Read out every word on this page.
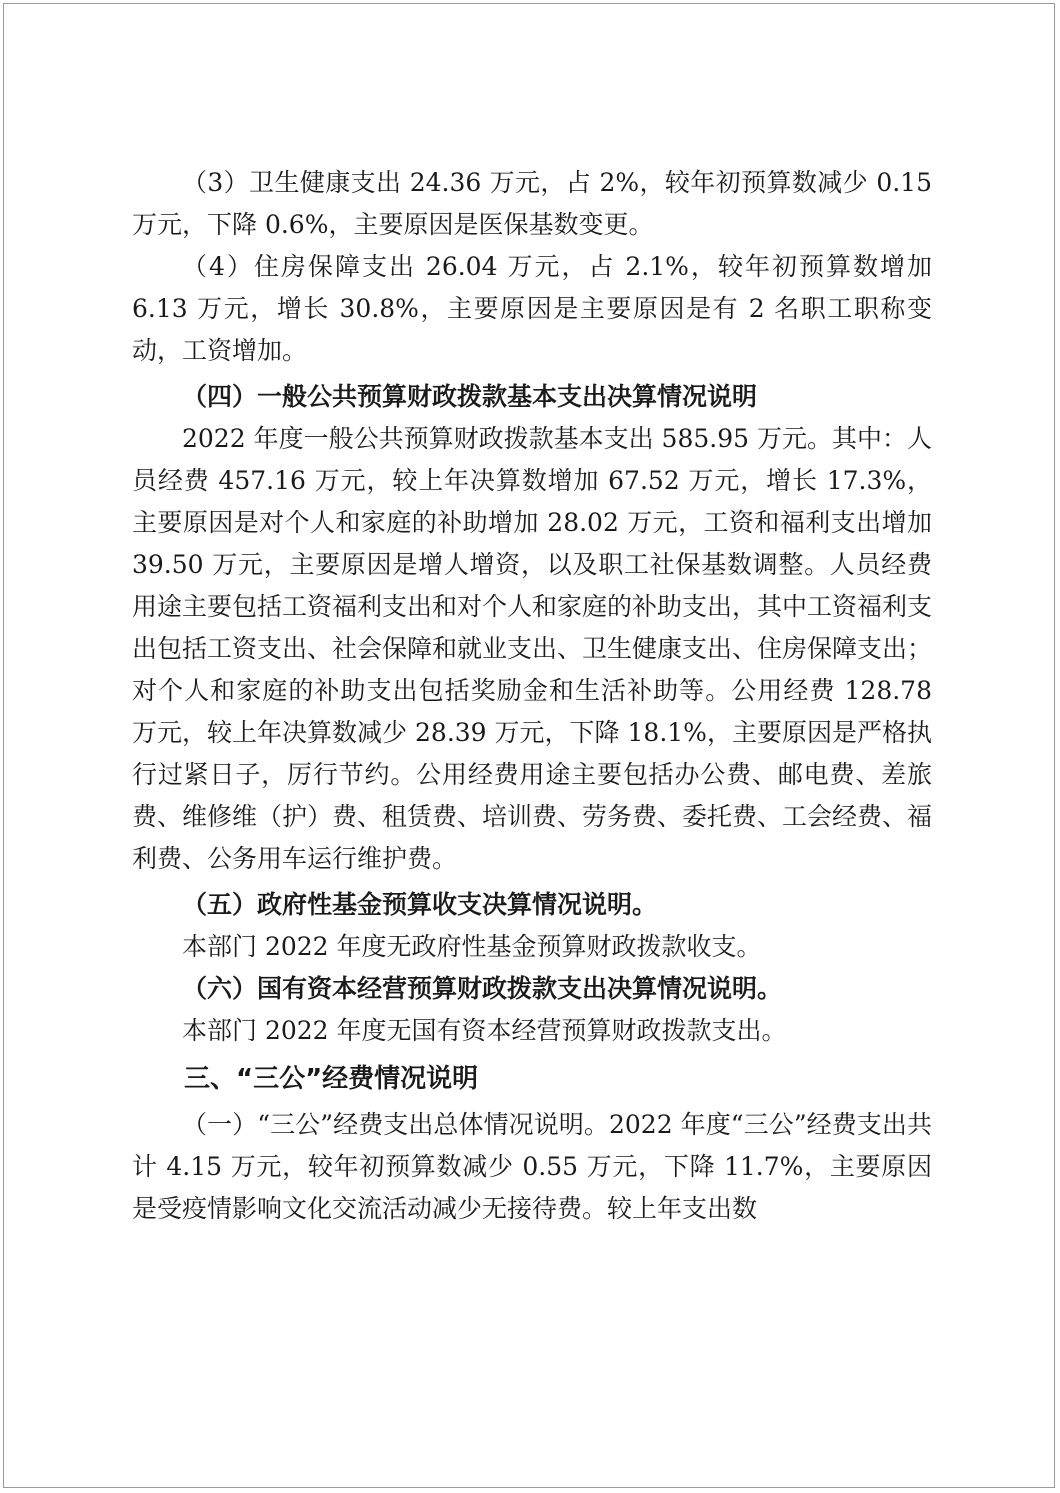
（3）卫生健康支出 24.36 万元，占 2%，较年初预算数减少 0.15 万元，下降 0.6%，主要原因是医保基数变更。

（4）住房保障支出 26.04 万元，占 2.1%，较年初预算数增加 6.13 万元，增长 30.8%，主要原因是主要原因是有 2 名职工职称变动，工资增加。

（四）一般公共预算财政拨款基本支出决算情况说明

2022 年度一般公共预算财政拨款基本支出 585.95 万元。其中：人员经费 457.16 万元，较上年决算数增加 67.52 万元，增长 17.3%，主要原因是对个人和家庭的补助增加 28.02 万元，工资和福利支出增加 39.50 万元，主要原因是增人增资，以及职工社保基数调整。人员经费用途主要包括工资福利支出和对个人和家庭的补助支出，其中工资福利支出包括工资支出、社会保障和就业支出、卫生健康支出、住房保障支出；对个人和家庭的补助支出包括奖励金和生活补助等。公用经费 128.78 万元，较上年决算数减少 28.39 万元，下降 18.1%，主要原因是严格执行过紧日子，厉行节约。公用经费用途主要包括办公费、邮电费、差旅费、维修维（护）费、租赁费、培训费、劳务费、委托费、工会经费、福利费、公务用车运行维护费。

（五）政府性基金预算收支决算情况说明。

本部门 2022 年度无政府性基金预算财政拨款收支。

（六）国有资本经营预算财政拨款支出决算情况说明。

本部门 2022 年度无国有资本经营预算财政拨款支出。

三、“三公”经费情况说明

（一）“三公”经费支出总体情况说明。2022 年度“三公”经费支出共计 4.15 万元，较年初预算数减少 0.55 万元，下降 11.7%，主要原因是受疫情影响文化交流活动减少无接待费。较上年支出数
